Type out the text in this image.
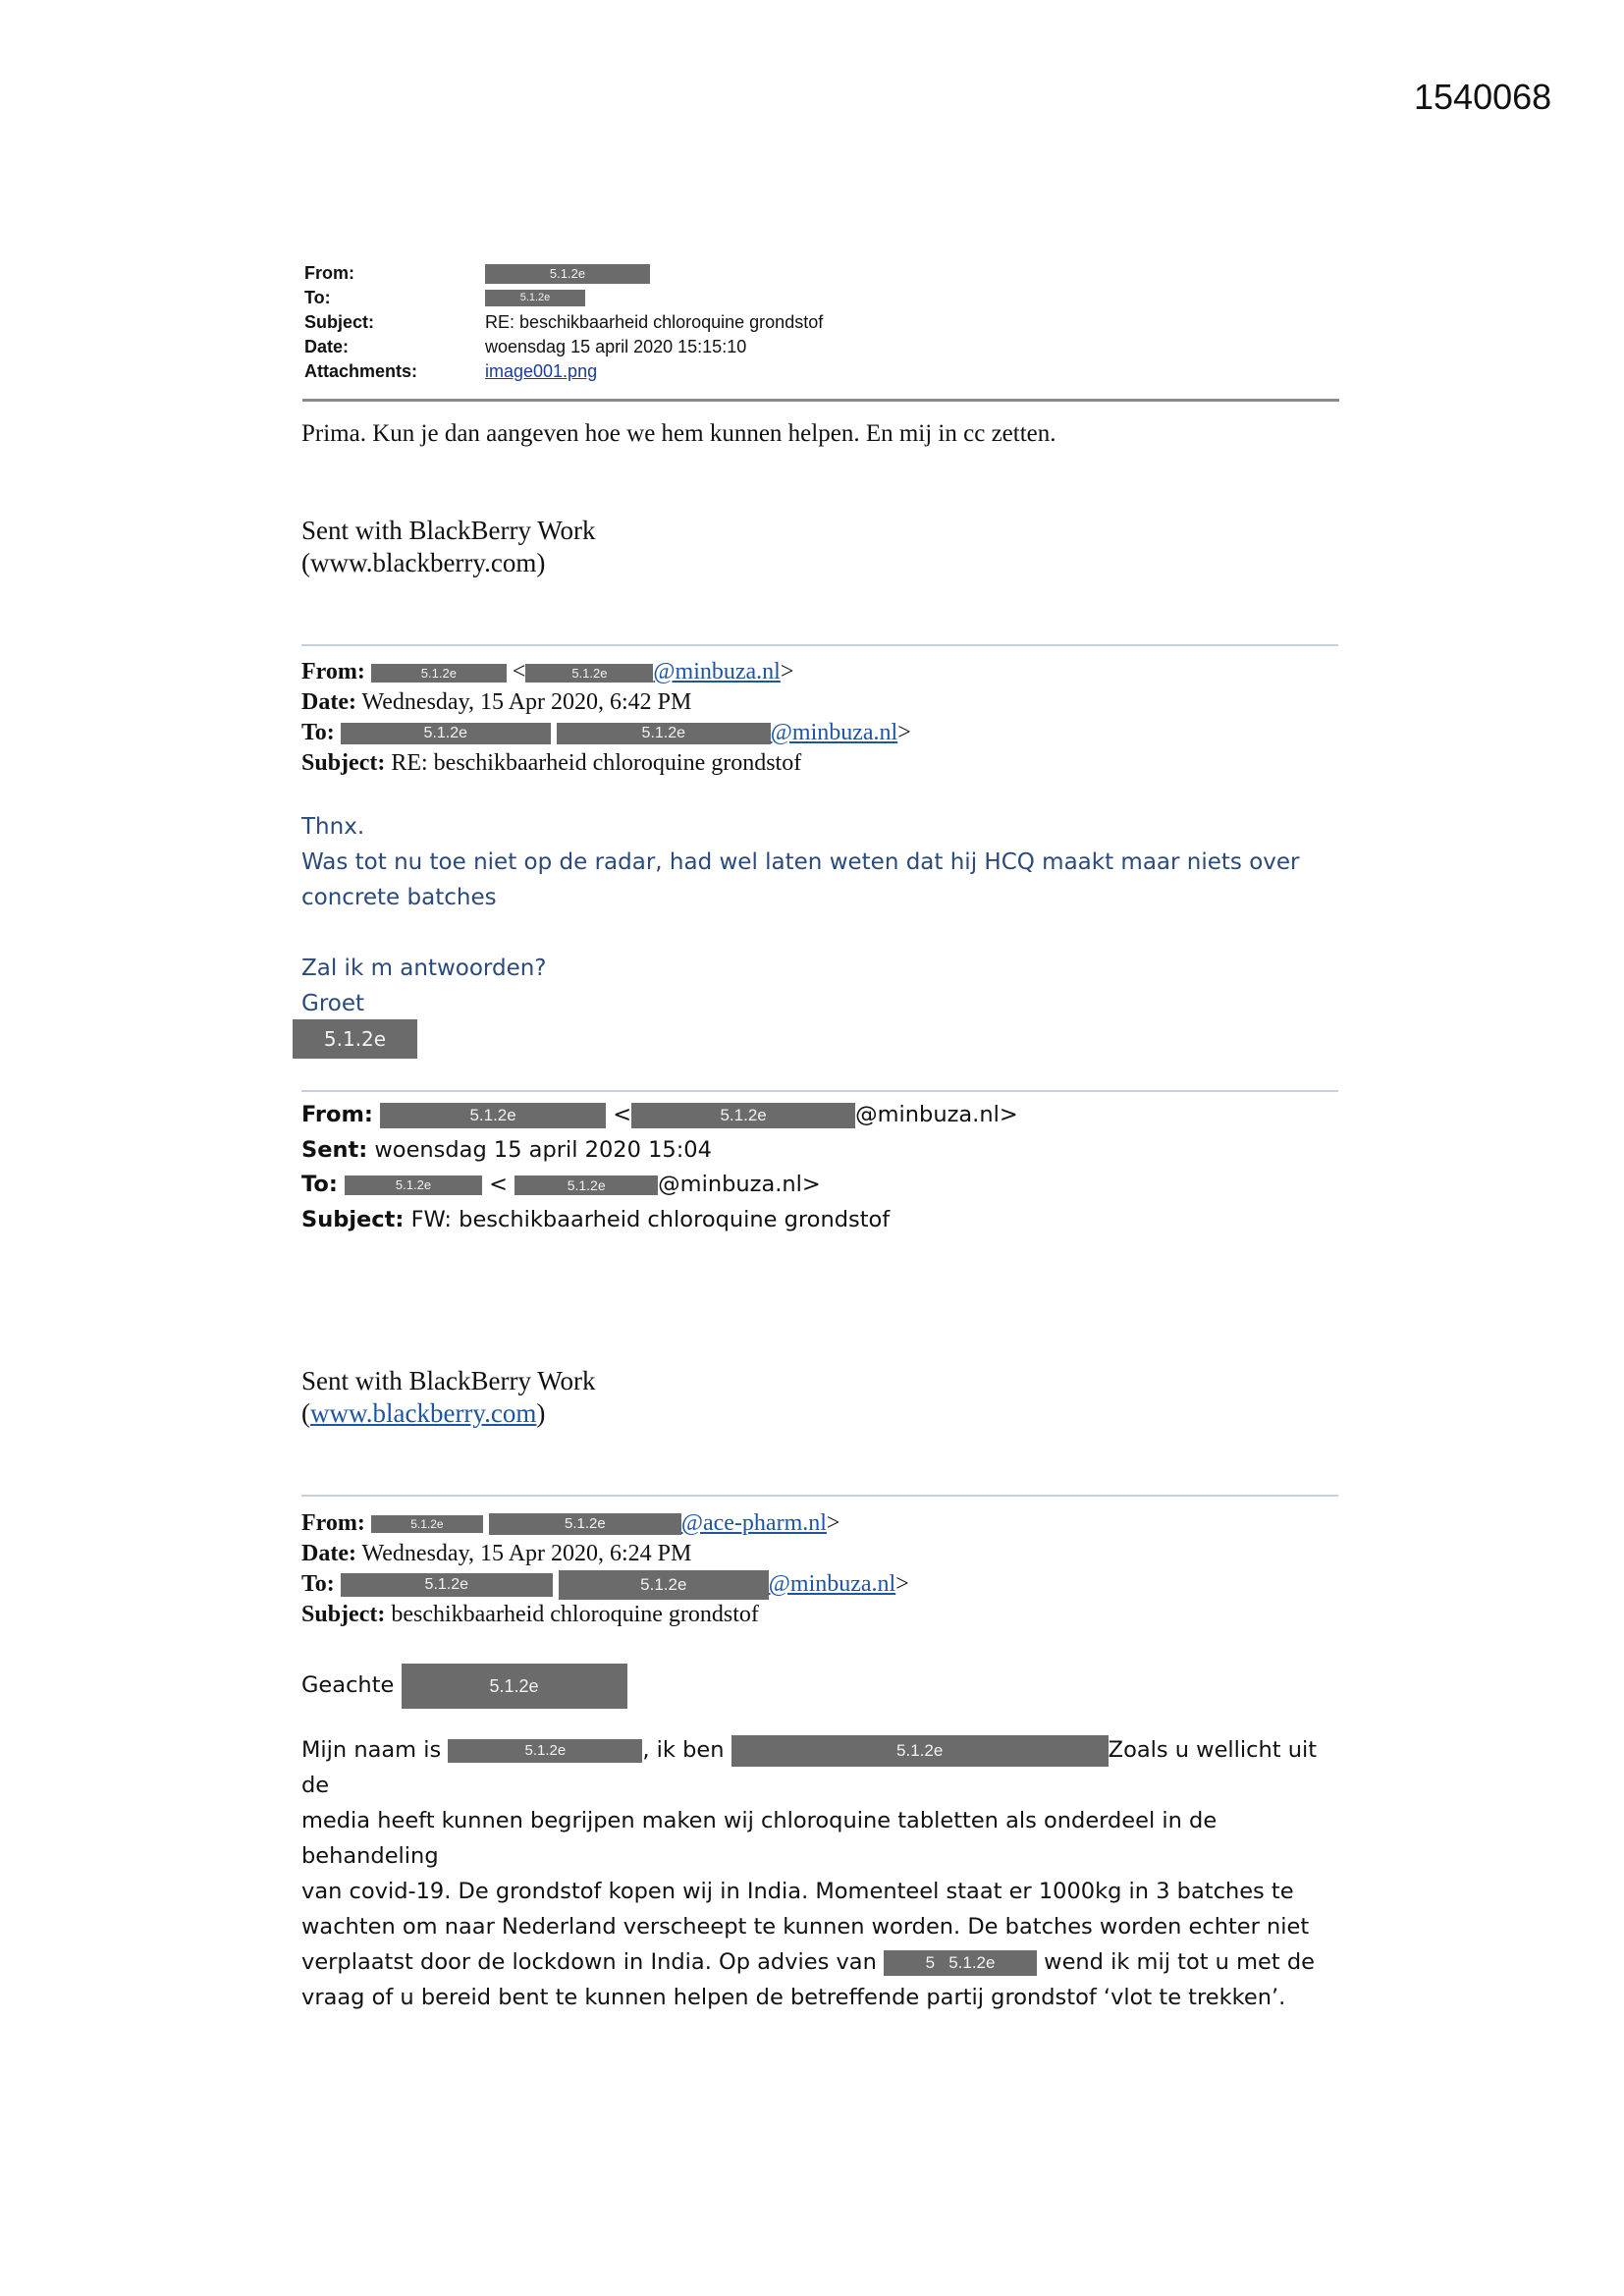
1540068
From:	5.1.2e
To:	5.1.2e
Subject:	RE: beschikbaarheid chloroquine grondstof
Date:	woensdag 15 april 2020 15:15:10
Attachments:	image001.png
Prima. Kun je dan aangeven hoe we hem kunnen helpen. En mij in cc zetten.
Sent with BlackBerry Work
(www.blackberry.com)
From:	5.1.2e <	5.1.2e @minbuza.nl>
Date: Wednesday, 15 Apr 2020, 6:42 PM
To:	5.1.2e	5.1.2e	@minbuza.nl>
Subject: RE: beschikbaarheid chloroquine grondstof
Thnx.
Was tot nu toe niet op de radar, had wel laten weten dat hij HCQ maakt maar niets over
concrete batches
Zal ik m antwoorden?
Groet
5.1.2e
From:	5.1.2e	<	5.1.2e	@minbuza.nl>
Sent: woensdag 15 april 2020 15:04
To:	5.1.2e	<	5.1.2e @minbuza.nl>
Subject: FW: beschikbaarheid chloroquine grondstof
Sent with BlackBerry Work
(www.blackberry.com)
From:	5.1.2e	5.1.2e	@ace-pharm.nl>
Date: Wednesday, 15 Apr 2020, 6:24 PM
To:	5.1.2e	5.1.2e	@minbuza.nl>
Subject: beschikbaarheid chloroquine grondstof
Geachte	5.1.2e
Mijn naam is	5.1.2e	, ik ben	5.1.2e	Zoals u wellicht uit de
media heeft kunnen begrijpen maken wij chloroquine tabletten als onderdeel in de behandeling
van covid-19. De grondstof kopen wij in India. Momenteel staat er 1000kg in 3 batches te
wachten om naar Nederland verscheept te kunnen worden. De batches worden echter niet
verplaatst door de lockdown in India. Op advies van	5 5.1.2e wend ik mij tot u met de
vraag of u bereid bent te kunnen helpen de betreffende partij grondstof ‘vlot te trekken’.
